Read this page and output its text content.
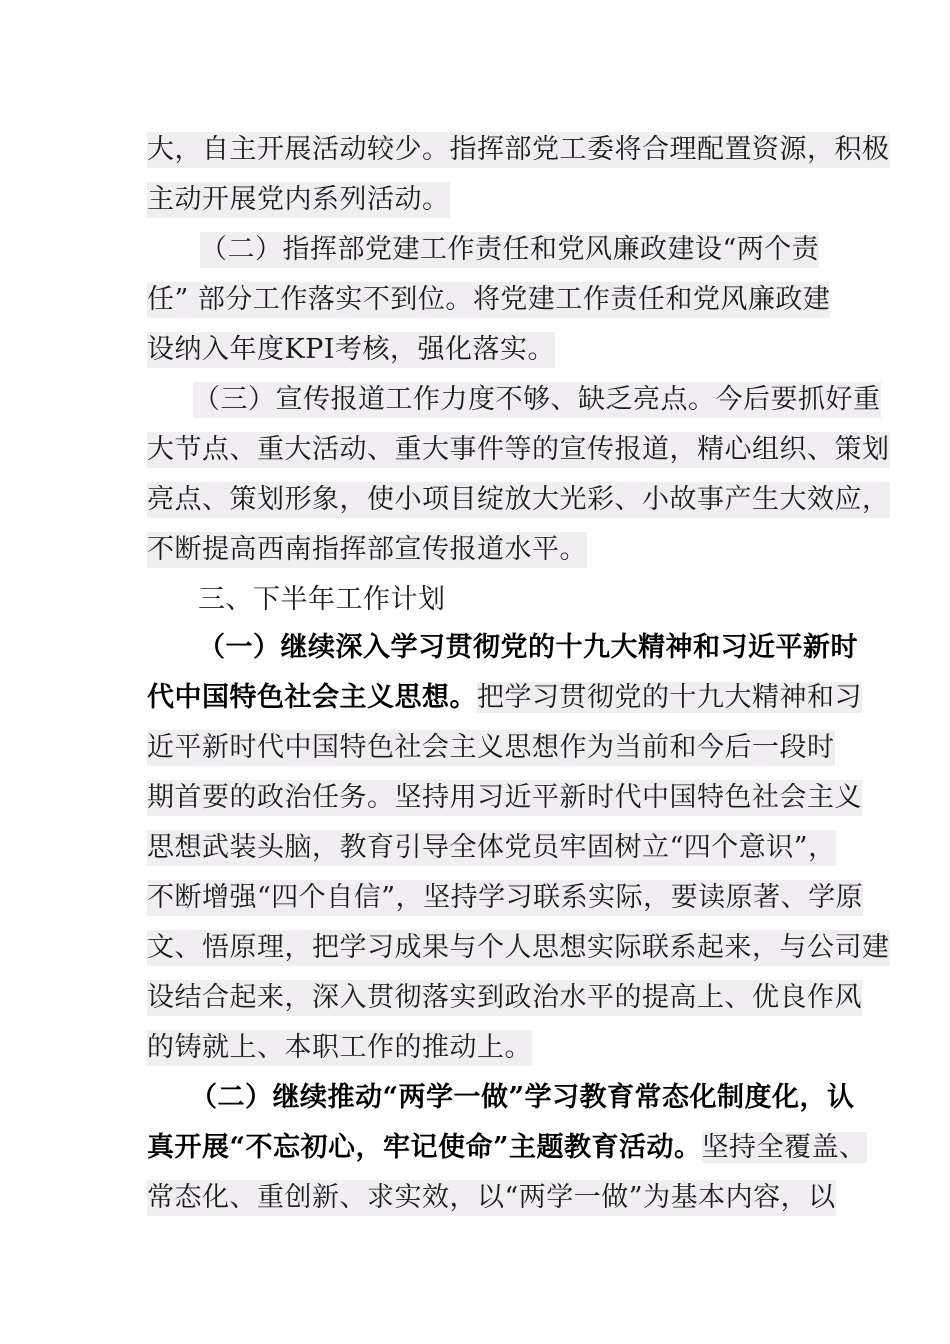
大，自主开展活动较少。指挥部党工委将合理配置资源，积极
主动开展党内系列活动。
（二）指挥部党建工作责任和党风廉政建设“两个责
任” 部分工作落实不到位。将党建工作责任和党风廉政建
设纳入年度KPI考核，强化落实。
（三）宣传报道工作力度不够、缺乏亮点。今后要抓好重
大节点、重大活动、重大事件等的宣传报道，精心组织、策划
亮点、策划形象，使小项目绽放大光彩、小故事产生大效应，
不断提高西南指挥部宣传报道水平。
三、下半年工作计划
（一）继续深入学习贯彻党的十九大精神和习近平新时
代中国特色社会主义思想。把学习贯彻党的十九大精神和习
近平新时代中国特色社会主义思想作为当前和今后一段时
期首要的政治任务。坚持用习近平新时代中国特色社会主义
思想武装头脑，教育引导全体党员牢固树立“四个意识”，
不断增强“四个自信”，坚持学习联系实际，要读原著、学原
文、悟原理，把学习成果与个人思想实际联系起来，与公司建
设结合起来，深入贯彻落实到政治水平的提高上、优良作风
的铸就上、本职工作的推动上。
（二）继续推动“两学一做”学习教育常态化制度化，认
真开展“不忘初心，牢记使命”主题教育活动。坚持全覆盖、
常态化、重创新、求实效，以“两学一做”为基本内容，以
